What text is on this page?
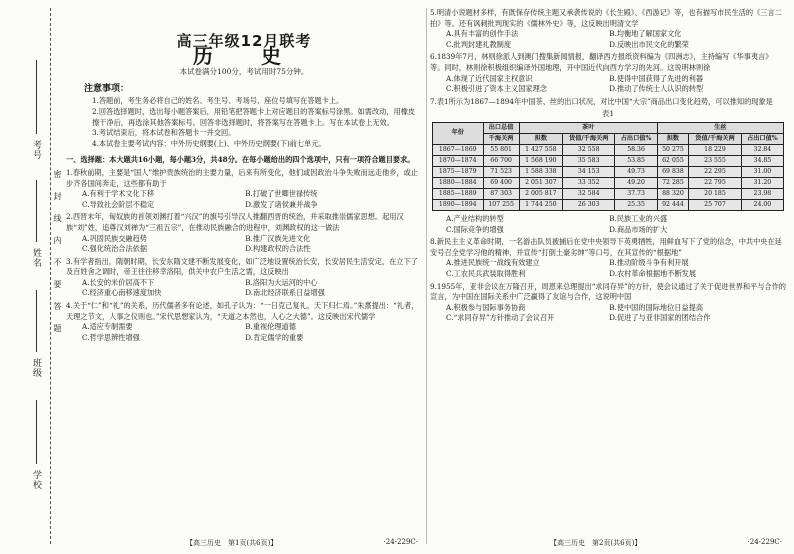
考号
姓名
班级
学校
密封线内不要答题
高三年级12月联考
历　史
本试卷满分100分，考试用时75分钟。
注意事项：

1.答题前，考生务必将自己的姓名、考生号、考场号、座位号填写在答题卡上。

2.回答选择题时，选出每小题答案后，用铅笔把答题卡上对应题目的答案标号涂黑。如需改动，用橡皮擦干净后，再选涂其他答案标号。回答非选择题时，将答案写在答题卡上。写在本试卷上无效。

3.考试结束后，将本试卷和答题卡一并交回。

4.本试卷主要考试内容：中外历史纲要(上)、中外历史纲要(下)前七单元。

一、选择题：本大题共16小题，每小题3分，共48分。在每小题给出的四个选项中，只有一项符合题目要求。

1.春秋前期，主要是“国人”维护贵族统治的主要力量，后来有所变化，他们或因政治斗争失败而远走他乡，或止步齐各国间奔走，这些都有助于

A.有利于学术文化下移	B.打破了世卿世禄传统C.导致社会阶层不稳定	D.激发了诸侯兼并战争

2.西晋末年，匈奴族的首领刘渊打着“兴汉”的旗号引导汉人推翻西晋的统治，并采取推崇儒家思想。起用汉族“刘”姓，追尊汉刘禅为“三祖五宗”，在推动民族融合的进程中，刘渊政权的这一做法

A.巩固民族交融趋势	B.推广汉族先进文化C.强化统治合法依据	D.构建政权的合法性

3.有学者指出，隋朝时期，长安东隋文建不断发展变化，如广泛地设置统治长安，长安居民生活安定，在立下了及百姓舍之调时，帝王往往移幸洛阳，供关中农户生活之需，这反映出

A.长安的米价居高不下	B.洛阳为大运河的中心C.经济重心南移速度加快	D.南北经济联系日益增强

4.关于“仁”和“礼”的关系，历代儒者多有论述，如孔子认为：“一日克己复礼，天下归仁焉。”朱熹提出：“礼者，天理之节文，人事之仪则也。”宋代思想家认为，“天道之本然也，人心之大德”。这反映出宋代儒学

A.适应专制需要	B.重视伦理道德C.哲学思辨性增强	D.肯定儒学的重要
【高三历史　第1页(共6页)】	·24-229C·

5.明清小说题材多样，有既保存传统主题又承袭传说的《长生殿》、《西游记》等，也有描写市民生活的《三言二拍》等。还有讽刺批判现实的《儒林外史》等，这反映出明清文学

A.具有丰富的创作手法	B.均衡地了解国家文化C.批判封建礼教制度	D.反映出市民文化的繁荣

6.1839年7月，林则徐派人到澳门搜集新闻情报，翻译西方报纸资料编为《四洲志》，主持编写《华事夷言》等。同时，林则徐积极组织编译外国地理，开中国近代向西方学习的先河。这说明林则徐

A.体现了近代国家主权意识	B.使得中国获得了先进的利器C.积极引进了资本主义国家理念	D.推动了传统士人认识的转型

7.表1所示为1867—1894年中国茶、丝的出口状况，对比中国“大宗”商品出口变化趋势，可以推知的现象是

表1
年份	出口总值	茶叶			生丝		
	千海关两	担数	货值/千海关两	占出口值%	担数	货值/千海关两	占出口值%
1867—1869	55 801	1 427 558	32 558	58.36	50 275	18 229	32.84
1870—1874	66 700	1 568 190	35 583	53.85	62 055	23 555	34.85
1875—1879	71 523	1 588 338	34 153	49.73	69 838	22 295	31.00
1880—1884	69 400	2 051 307	33 352	49.20	72 285	22 795	31.20
1885—1889	87 303	2 005 817	32 584	37.73	88 320	20 185	23.98
1890—1894	107 255	1 744 250	26 303	25.35	92 444	25 707	24.00
A.产业结构的转型	B.民族工业的兴盛C.国际竞争的增强	D.商品市场的扩大

8.新民主主义革命时期，一名游击队员被捕后在党中央领导下英勇牺牲，用鲜血写下了党的信念，中共中央在延安号召全党学习他的精神，并宣传“打倒土豪劣绅”等口号，在其宣传的“根据地”

A.推进民族统一战线有效建立	B.推动阶级斗争有利开展C.工农民兵武装取得胜利	D.农村革命根据地不断发展

9.1955年，亚非会议在万隆召开，周恩来总理提出“求同存异”的方针，使会议通过了关于促进世界和平与合作的宣言，为中国在国际关系中广泛赢得了友谊与合作，这说明中国

A.积极参与国际事务协商	B.使中国的国际地位日益提高C.“求同存异”方针推动了会议召开	D.促进了与亚非国家的团结合作
【高三历史　第2页(共6页)】	·24-229C·
